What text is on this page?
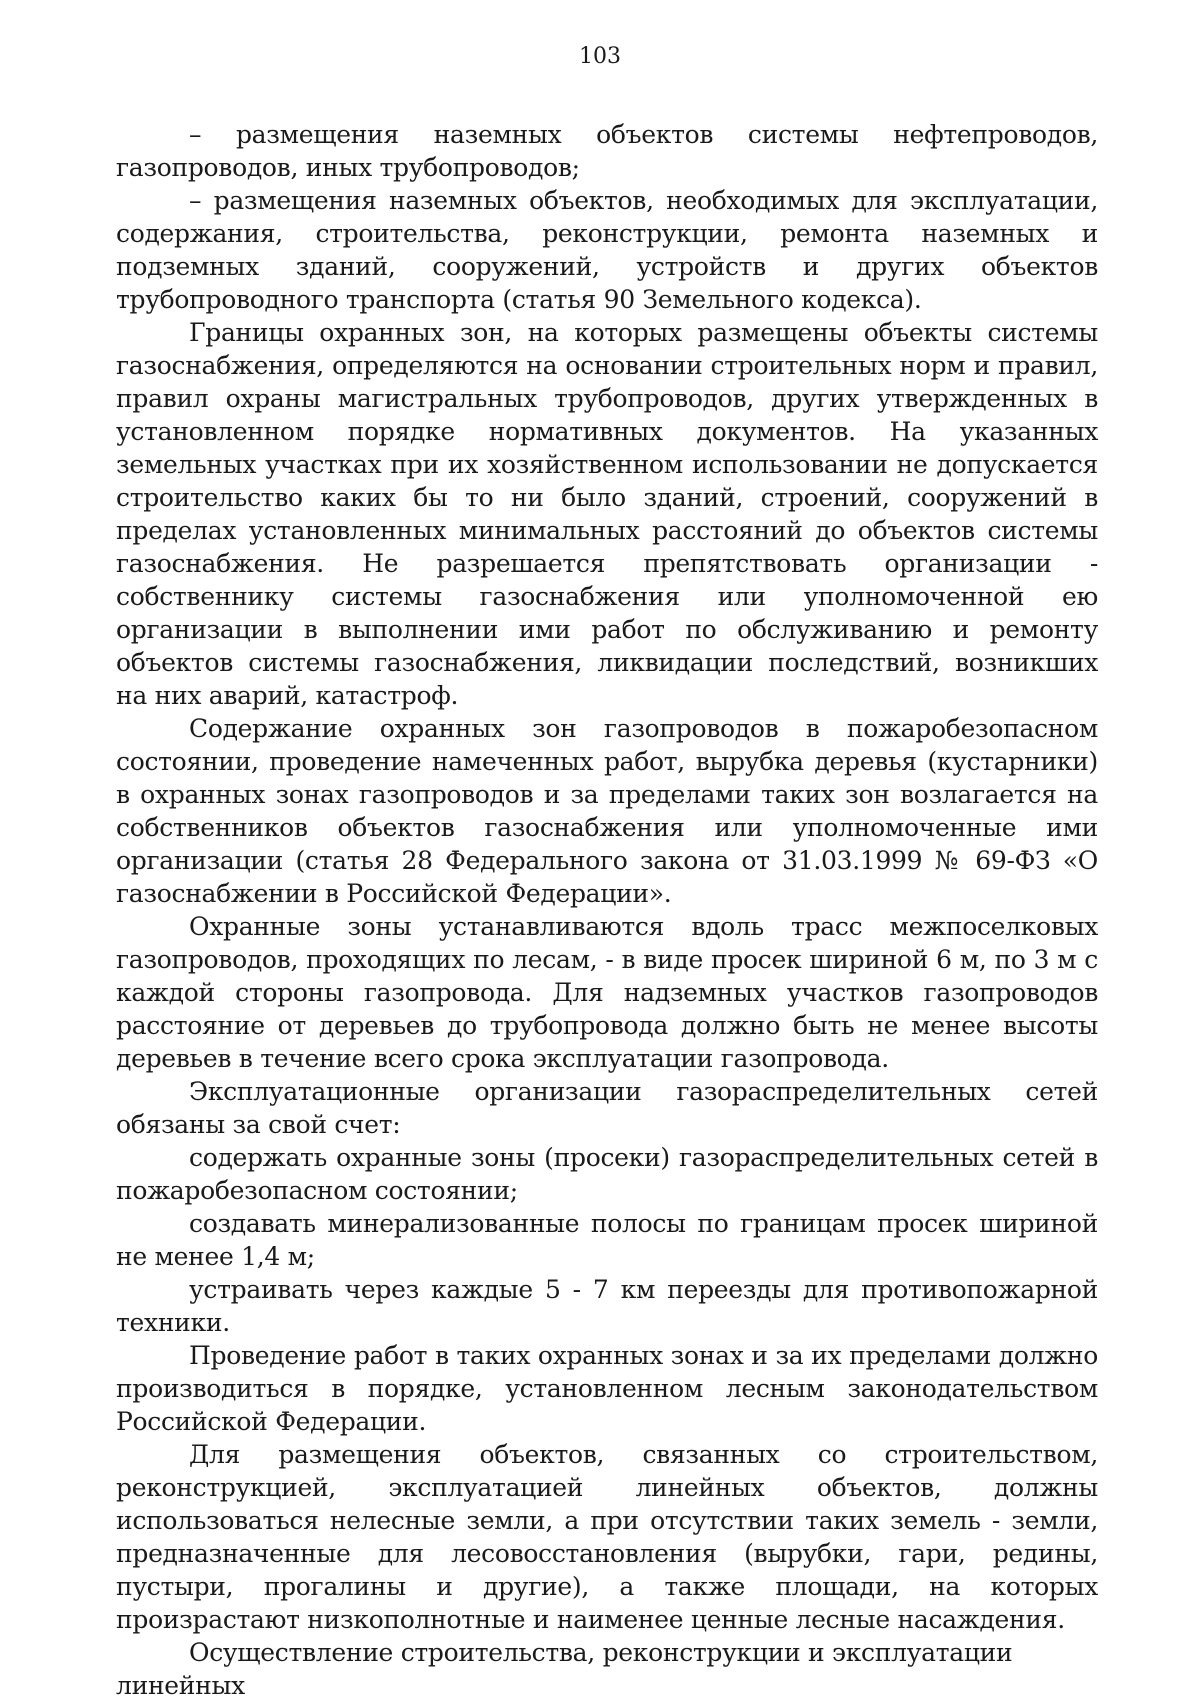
103

– размещения наземных объектов системы нефтепроводов, газопроводов, иных трубопроводов;

– размещения наземных объектов, необходимых для эксплуатации, содержания, строительства, реконструкции, ремонта наземных и подземных зданий, сооружений, устройств и других объектов трубопроводного транспорта (статья 90 Земельного кодекса).

Границы охранных зон, на которых размещены объекты системы газоснабжения, определяются на основании строительных норм и правил, правил охраны магистральных трубопроводов, других утвержденных в установленном порядке нормативных документов. На указанных земельных участках при их хозяйственном использовании не допускается строительство каких бы то ни было зданий, строений, сооружений в пределах установленных минимальных расстояний до объектов системы газоснабжения. Не разрешается препятствовать организации - собственнику системы газоснабжения или уполномоченной ею организации в выполнении ими работ по обслуживанию и ремонту объектов системы газоснабжения, ликвидации последствий, возникших на них аварий, катастроф.

Содержание охранных зон газопроводов в пожаробезопасном состоянии, проведение намеченных работ, вырубка деревья (кустарники) в охранных зонах газопроводов и за пределами таких зон возлагается на собственников объектов газоснабжения или уполномоченные ими организации (статья 28 Федерального закона от 31.03.1999 № 69-ФЗ «О газоснабжении в Российской Федерации».

Охранные зоны устанавливаются вдоль трасс межпоселковых газопроводов, проходящих по лесам, - в виде просек шириной 6 м, по 3 м с каждой стороны газопровода. Для надземных участков газопроводов расстояние от деревьев до трубопровода должно быть не менее высоты деревьев в течение всего срока эксплуатации газопровода.

Эксплуатационные организации газораспределительных сетей обязаны за свой счет:

содержать охранные зоны (просеки) газораспределительных сетей в пожаробезопасном состоянии;

создавать минерализованные полосы по границам просек шириной не менее 1,4 м;

устраивать через каждые 5 - 7 км переезды для противопожарной техники.

Проведение работ в таких охранных зонах и за их пределами должно производиться в порядке, установленном лесным законодательством Российской Федерации.

Для размещения объектов, связанных со строительством, реконструкцией, эксплуатацией линейных объектов, должны использоваться нелесные земли, а при отсутствии таких земель - земли, предназначенные для лесовосстановления (вырубки, гари, редины, пустыри, прогалины и другие), а также площади, на которых произрастают низкополнотные и наименее ценные лесные насаждения.

Осуществление строительства, реконструкции и эксплуатации линейных
